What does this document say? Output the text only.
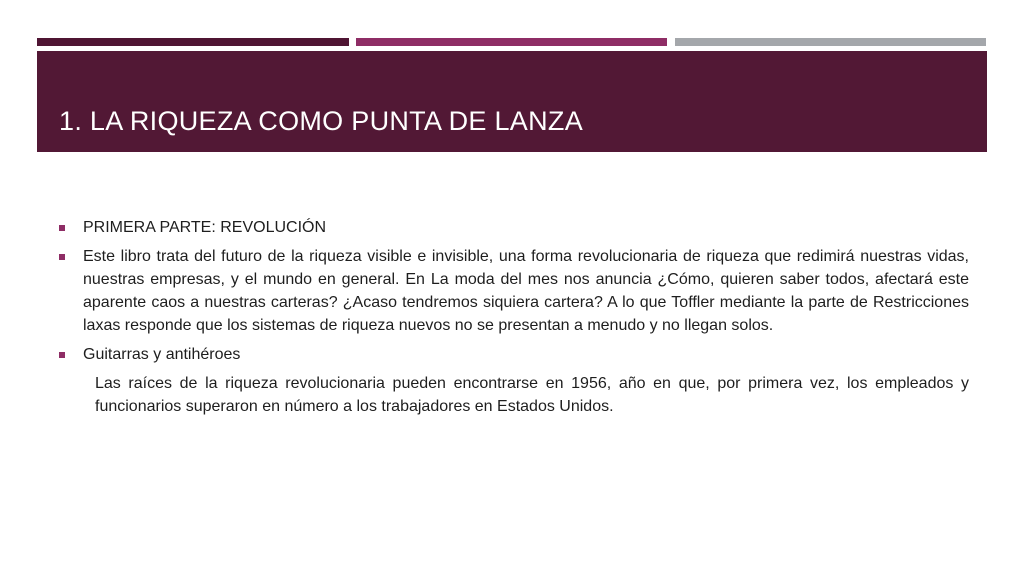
1. LA RIQUEZA COMO PUNTA DE LANZA
PRIMERA PARTE: REVOLUCIÓN
Este libro trata del futuro de la riqueza visible e invisible, una forma revolucionaria de riqueza que redimirá nuestras vidas, nuestras empresas, y el mundo en general. En La moda del mes nos anuncia ¿Cómo, quieren saber todos, afectará este aparente caos a nuestras carteras? ¿Acaso tendremos siquiera cartera? A lo que Toffler mediante la parte de Restricciones laxas responde que los sistemas de riqueza nuevos no se presentan a menudo y no llegan solos.
Guitarras y antihéroes
Las raíces de la riqueza revolucionaria pueden encontrarse en 1956, año en que, por primera vez, los empleados y funcionarios superaron en número a los trabajadores en Estados Unidos.
